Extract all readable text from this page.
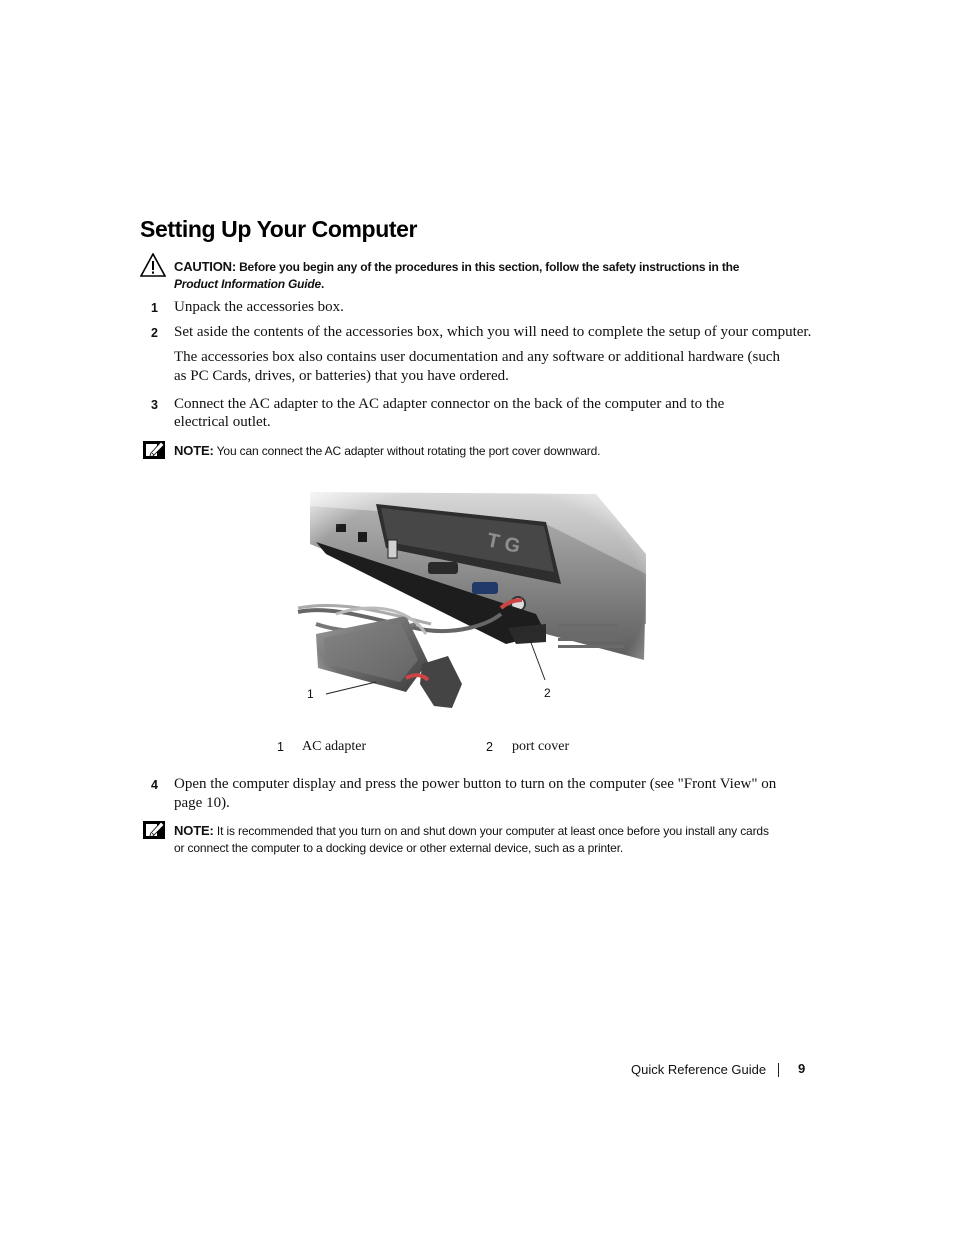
Setting Up Your Computer
CAUTION: Before you begin any of the procedures in this section, follow the safety instructions in the
Product Information Guide.
1 Unpack the accessories box.
2 Set aside the contents of the accessories box, which you will need to complete the setup of your computer.
The accessories box also contains user documentation and any software or additional hardware (such
as PC Cards, drives, or batteries) that you have ordered.
3 Connect the AC adapter to the AC adapter connector on the back of the computer and to the
electrical outlet.
NOTE: You can connect the AC adapter without rotating the port cover downward.
1	2
1 AC adapter	2 port cover
4 Open the computer display and press the power button to turn on the computer (see "Front View" on
page 10).
NOTE: It is recommended that you turn on and shut down your computer at least once before you install any cards
or connect the computer to a docking device or other external device, such as a printer.
Quick Reference Guide 9
